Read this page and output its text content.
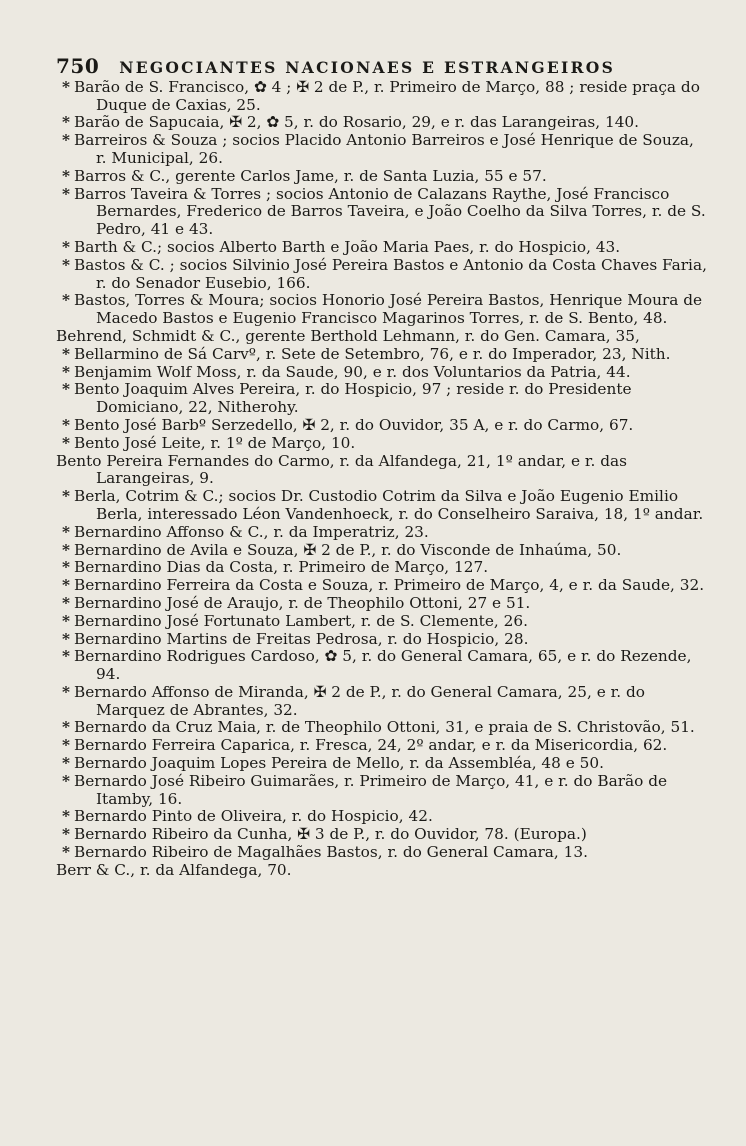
750 NEGOCIANTES NACIONAES E ESTRANGEIROS

* Barão de S. Francisco, ✿ 4 ; ✠ 2 de P., r. Primeiro de Março, 88 ; reside praça do Duque de Caxias, 25.

* Barão de Sapucaia, ✠ 2, ✿ 5, r. do Rosario, 29, e r. das Larangeiras, 140.

* Barreiros & Souza ; socios Placido Antonio Barreiros e José Henrique de Souza, r. Municipal, 26.

* Barros & C., gerente Carlos Jame, r. de Santa Luzia, 55 e 57.

* Barros Taveira & Torres ; socios Antonio de Calazans Raythe, José Francisco Bernardes, Frederico de Barros Taveira, e João Coelho da Silva Torres, r. de S. Pedro, 41 e 43.

* Barth & C.; socios Alberto Barth e João Maria Paes, r. do Hospicio, 43.

* Bastos & C. ; socios Silvinio José Pereira Bastos e Antonio da Costa Chaves Faria, r. do Senador Eusebio, 166.

* Bastos, Torres & Moura; socios Honorio José Pereira Bastos, Henrique Moura de Macedo Bastos e Eugenio Francisco Magarinos Torres, r. de S. Bento, 48.

Behrend, Schmidt & C., gerente Berthold Lehmann, r. do Gen. Camara, 35,

* Bellarmino de Sá Carvº, r. Sete de Setembro, 76, e r. do Imperador, 23, Nith.

* Benjamim Wolf Moss, r. da Saude, 90, e r. dos Voluntarios da Patria, 44.

* Bento Joaquim Alves Pereira, r. do Hospicio, 97 ; reside r. do Presidente Domiciano, 22, Nitherohy.

* Bento José Barbº Serzedello, ✠ 2, r. do Ouvidor, 35 A, e r. do Carmo, 67.

* Bento José Leite, r. 1º de Março, 10.

Bento Pereira Fernandes do Carmo, r. da Alfandega, 21, 1º andar, e r. das Larangeiras, 9.

* Berla, Cotrim & C.; socios Dr. Custodio Cotrim da Silva e João Eugenio Emilio Berla, interessado Léon Vandenhoeck, r. do Conselheiro Saraiva, 18, 1º andar.

* Bernardino Affonso & C., r. da Imperatriz, 23.

* Bernardino de Avila e Souza, ✠ 2 de P., r. do Visconde de Inhaúma, 50.

* Bernardino Dias da Costa, r. Primeiro de Março, 127.

* Bernardino Ferreira da Costa e Souza, r. Primeiro de Março, 4, e r. da Saude, 32.

* Bernardino José de Araujo, r. de Theophilo Ottoni, 27 e 51.

* Bernardino José Fortunato Lambert, r. de S. Clemente, 26.

* Bernardino Martins de Freitas Pedrosa, r. do Hospicio, 28.

* Bernardino Rodrigues Cardoso, ✿ 5, r. do General Camara, 65, e r. do Rezende, 94.

* Bernardo Affonso de Miranda, ✠ 2 de P., r. do General Camara, 25, e r. do Marquez de Abrantes, 32.

* Bernardo da Cruz Maia, r. de Theophilo Ottoni, 31, e praia de S. Christovão, 51.

* Bernardo Ferreira Caparica, r. Fresca, 24, 2º andar, e r. da Misericordia, 62.

* Bernardo Joaquim Lopes Pereira de Mello, r. da Assembléa, 48 e 50.

* Bernardo José Ribeiro Guimarães, r. Primeiro de Março, 41, e r. do Barão de Itamby, 16.

* Bernardo Pinto de Oliveira, r. do Hospicio, 42.

* Bernardo Ribeiro da Cunha, ✠ 3 de P., r. do Ouvidor, 78. (Europa.)

* Bernardo Ribeiro de Magalhães Bastos, r. do General Camara, 13.

Berr & C., r. da Alfandega, 70.
